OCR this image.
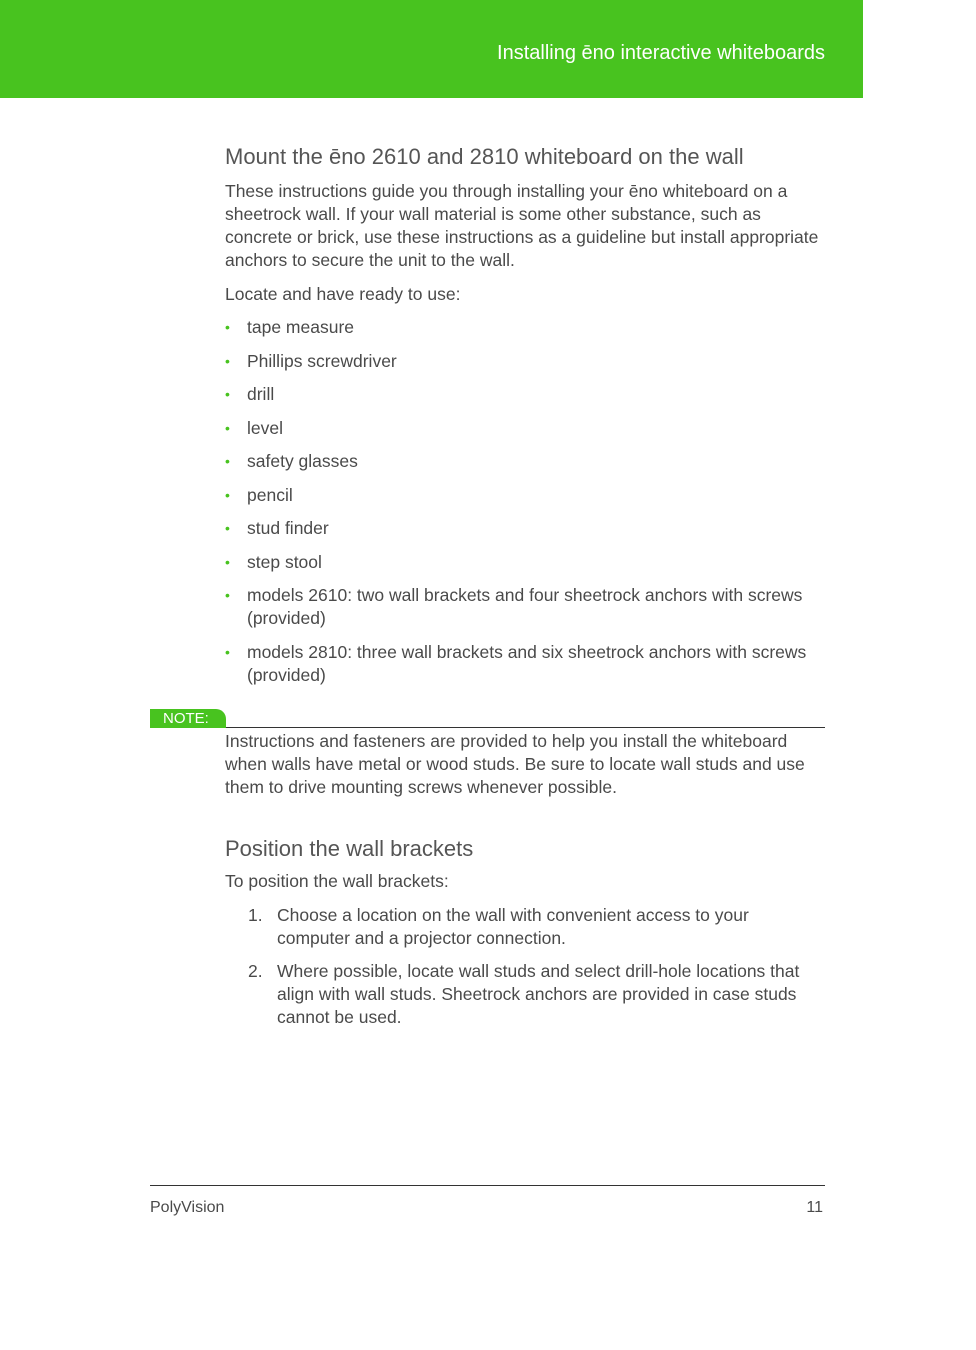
Installing ēno interactive whiteboards
Mount the ēno 2610 and 2810 whiteboard on the wall

These instructions guide you through installing your ēno whiteboard on a sheetrock wall. If your wall material is some other substance, such as concrete or brick, use these instructions as a guideline but install appropriate anchors to secure the unit to the wall.

Locate and have ready to use:

• tape measure
• Phillips screwdriver
• drill
• level
• safety glasses
• pencil
• stud finder
• step stool
• models 2610: two wall brackets and four sheetrock anchors with screws (provided)
• models 2810: three wall brackets and six sheetrock anchors with screws (provided)
NOTE:
Instructions and fasteners are provided to help you install the whiteboard when walls have metal or wood studs. Be sure to locate wall studs and use them to drive mounting screws whenever possible.
Position the wall brackets

To position the wall brackets:

1. Choose a location on the wall with convenient access to your computer and a projector connection.
2. Where possible, locate wall studs and select drill-hole locations that align with wall studs. Sheetrock anchors are provided in case studs cannot be used.
PolyVision	11
